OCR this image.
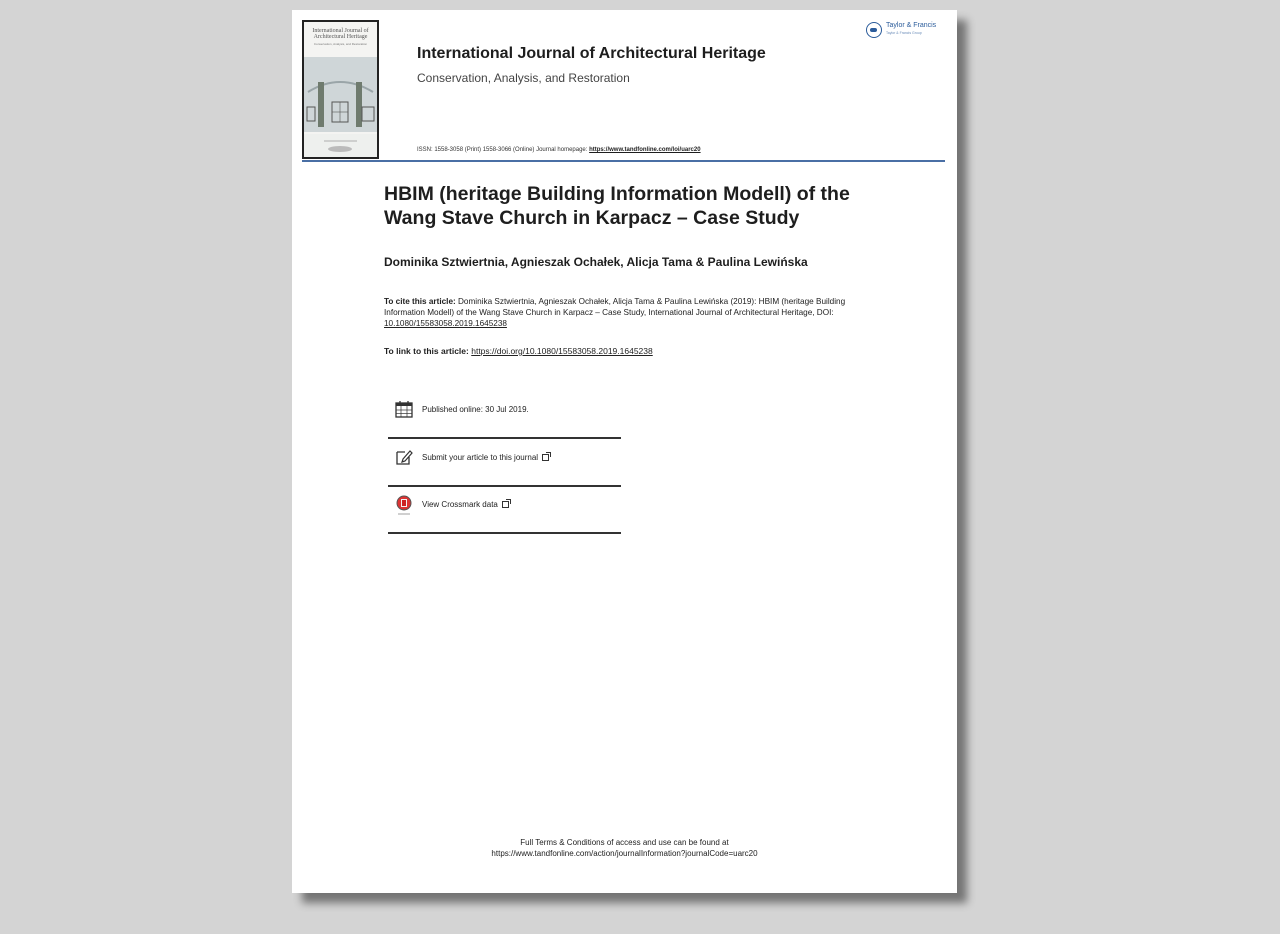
International Journal of
Architectural Heritage
Conservation, Analysis, and Restoration
Taylor & Francis
Taylor & Francis Group
International Journal of Architectural Heritage
Conservation, Analysis, and Restoration
ISSN: 1558-3058 (Print) 1558-3066 (Online) Journal homepage: https://www.tandfonline.com/loi/uarc20
HBIM (heritage Building Information Modell) of the Wang Stave Church in Karpacz – Case Study
Dominika Sztwiertnia, Agnieszak Ochałek, Alicja Tama & Paulina Lewińska
To cite this article: Dominika Sztwiertnia, Agnieszak Ochałek, Alicja Tama & Paulina Lewińska (2019): HBIM (heritage Building Information Modell) of the Wang Stave Church in Karpacz – Case Study, International Journal of Architectural Heritage, DOI: 10.1080/15583058.2019.1645238
To link to this article: https://doi.org/10.1080/15583058.2019.1645238
Published online: 30 Jul 2019.
Submit your article to this journal
View Crossmark data
Full Terms & Conditions of access and use can be found at
https://www.tandfonline.com/action/journalInformation?journalCode=uarc20
